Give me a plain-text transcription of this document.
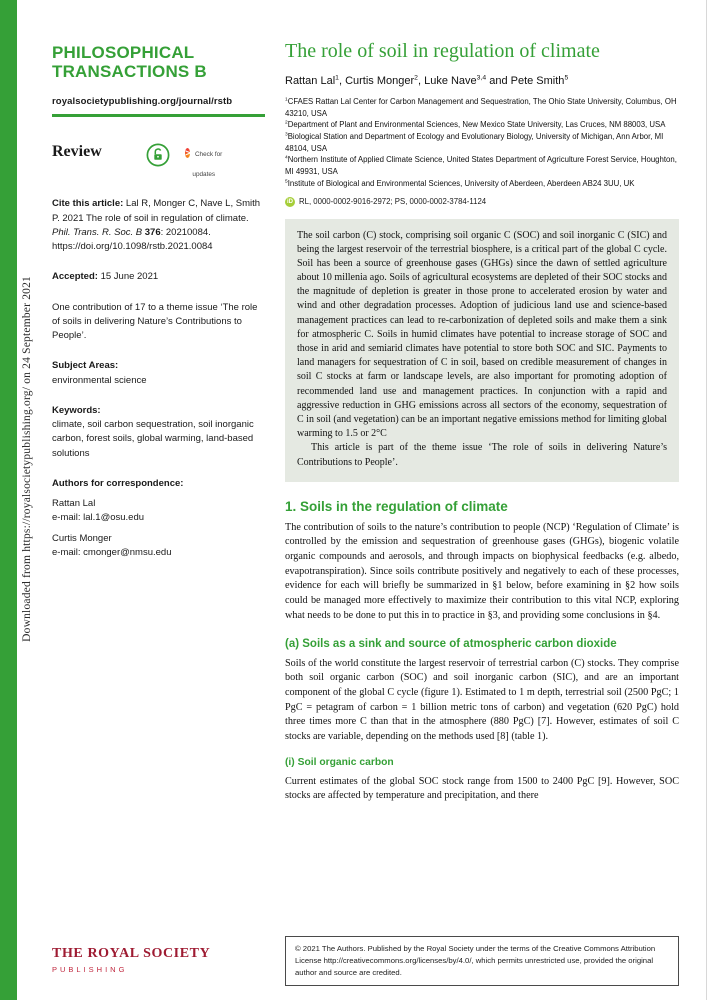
Downloaded from https://royalsocietypublishing.org/ on 24 September 2021
PHILOSOPHICAL
TRANSACTIONS B
royalsocietypublishing.org/journal/rstb
Review	> Check for updates
Cite this article: Lal R, Monger C, Nave L, Smith P. 2021 The role of soil in regulation of climate. Phil. Trans. R. Soc. B 376: 20210084.
https://doi.org/10.1098/rstb.2021.0084
Accepted: 15 June 2021
One contribution of 17 to a theme issue ‘The role of soils in delivering Nature’s Contributions to People’.
Subject Areas:
environmental science
Keywords:
climate, soil carbon sequestration, soil inorganic carbon, forest soils, global warming, land-based solutions
Authors for correspondence:
Rattan Lal
e-mail: lal.1@osu.edu
Curtis Monger
e-mail: cmonger@nmsu.edu
THE ROYAL SOCIETY
PUBLISHING
The role of soil in regulation of climate
Rattan Lal$^1$, Curtis Monger$^2$, Luke Nave$^{3,4}$ and Pete Smith$^5$
$^1$CFAES Rattan Lal Center for Carbon Management and Sequestration, The Ohio State University, Columbus, OH 43210, USA
$^2$Department of Plant and Environmental Sciences, New Mexico State University, Las Cruces, NM 88003, USA
$^3$Biological Station and Department of Ecology and Evolutionary Biology, University of Michigan, Ann Arbor, MI 48104, USA
$^4$Northern Institute of Applied Climate Science, United States Department of Agriculture Forest Service, Houghton, MI 49931, USA
$^5$Institute of Biological and Environmental Sciences, University of Aberdeen, Aberdeen AB24 3UU, UK
iD RL, 0000-0002-9016-2972; PS, 0000-0002-3784-1124

The soil carbon (C) stock, comprising soil organic C (SOC) and soil inorganic C (SIC) and being the largest reservoir of the terrestrial biosphere, is a critical part of the global C cycle. Soil has been a source of greenhouse gases (GHGs) since the dawn of settled agriculture about 10 millenia ago. Soils of agricultural ecosystems are depleted of their SOC stocks and the magnitude of depletion is greater in those prone to accelerated erosion by water and wind and other degradation processes. Adoption of judicious land use and science-based management practices can lead to re-carbonization of depleted soils and make them a sink for atmospheric C. Soils in humid climates have potential to increase storage of SOC and those in arid and semiarid climates have potential to store both SOC and SIC. Payments to land managers for sequestration of C in soil, based on credible measurement of changes in soil C stocks at farm or landscape levels, are also important for promoting adoption of recommended land use and management practices. In conjunction with a rapid and aggressive reduction in GHG emissions across all sectors of the economy, sequestration of C in soil (and vegetation) can be an important negative emissions method for limiting global warming to 1.5 or 2°C

This article is part of the theme issue ‘The role of soils in delivering Nature’s Contributions to People’.

1. Soils in the regulation of climate

The contribution of soils to the nature’s contribution to people (NCP) ‘Regulation of Climate’ is controlled by the emission and sequestration of greenhouse gases (GHGs), biogenic volatile organic compounds and aerosols, and through impacts on biophysical feedbacks (e.g. albedo, evapotranspiration). Since soils contribute positively and negatively to each of these processes, evidence for each will briefly be summarized in §1 below, before examining in §2 how soils could be managed more effectively to maximize their contribution to this vital NCP, exploring what needs to be done to put this in to practice in §3, and providing some conclusions in §4.

(a) Soils as a sink and source of atmospheric carbon dioxide

Soils of the world constitute the largest reservoir of terrestrial carbon (C) stocks. They comprise both soil organic carbon (SOC) and soil inorganic carbon (SIC), and are an important component of the global C cycle (figure 1). Estimated to 1 m depth, terrestrial soil (2500 PgC; 1 PgC = petagram of carbon = 1 billion metric tons of carbon) and vegetation (620 PgC) hold three times more C than that in the atmosphere (880 PgC) [7]. However, estimates of soil C stocks are variable, depending on the methods used [8] (table 1).

(i) Soil organic carbon

Current estimates of the global SOC stock range from 1500 to 2400 PgC [9]. However, SOC stocks are affected by temperature and precipitation, and there

© 2021 The Authors. Published by the Royal Society under the terms of the Creative Commons Attribution License http://creativecommons.org/licenses/by/4.0/, which permits unrestricted use, provided the original author and source are credited.
